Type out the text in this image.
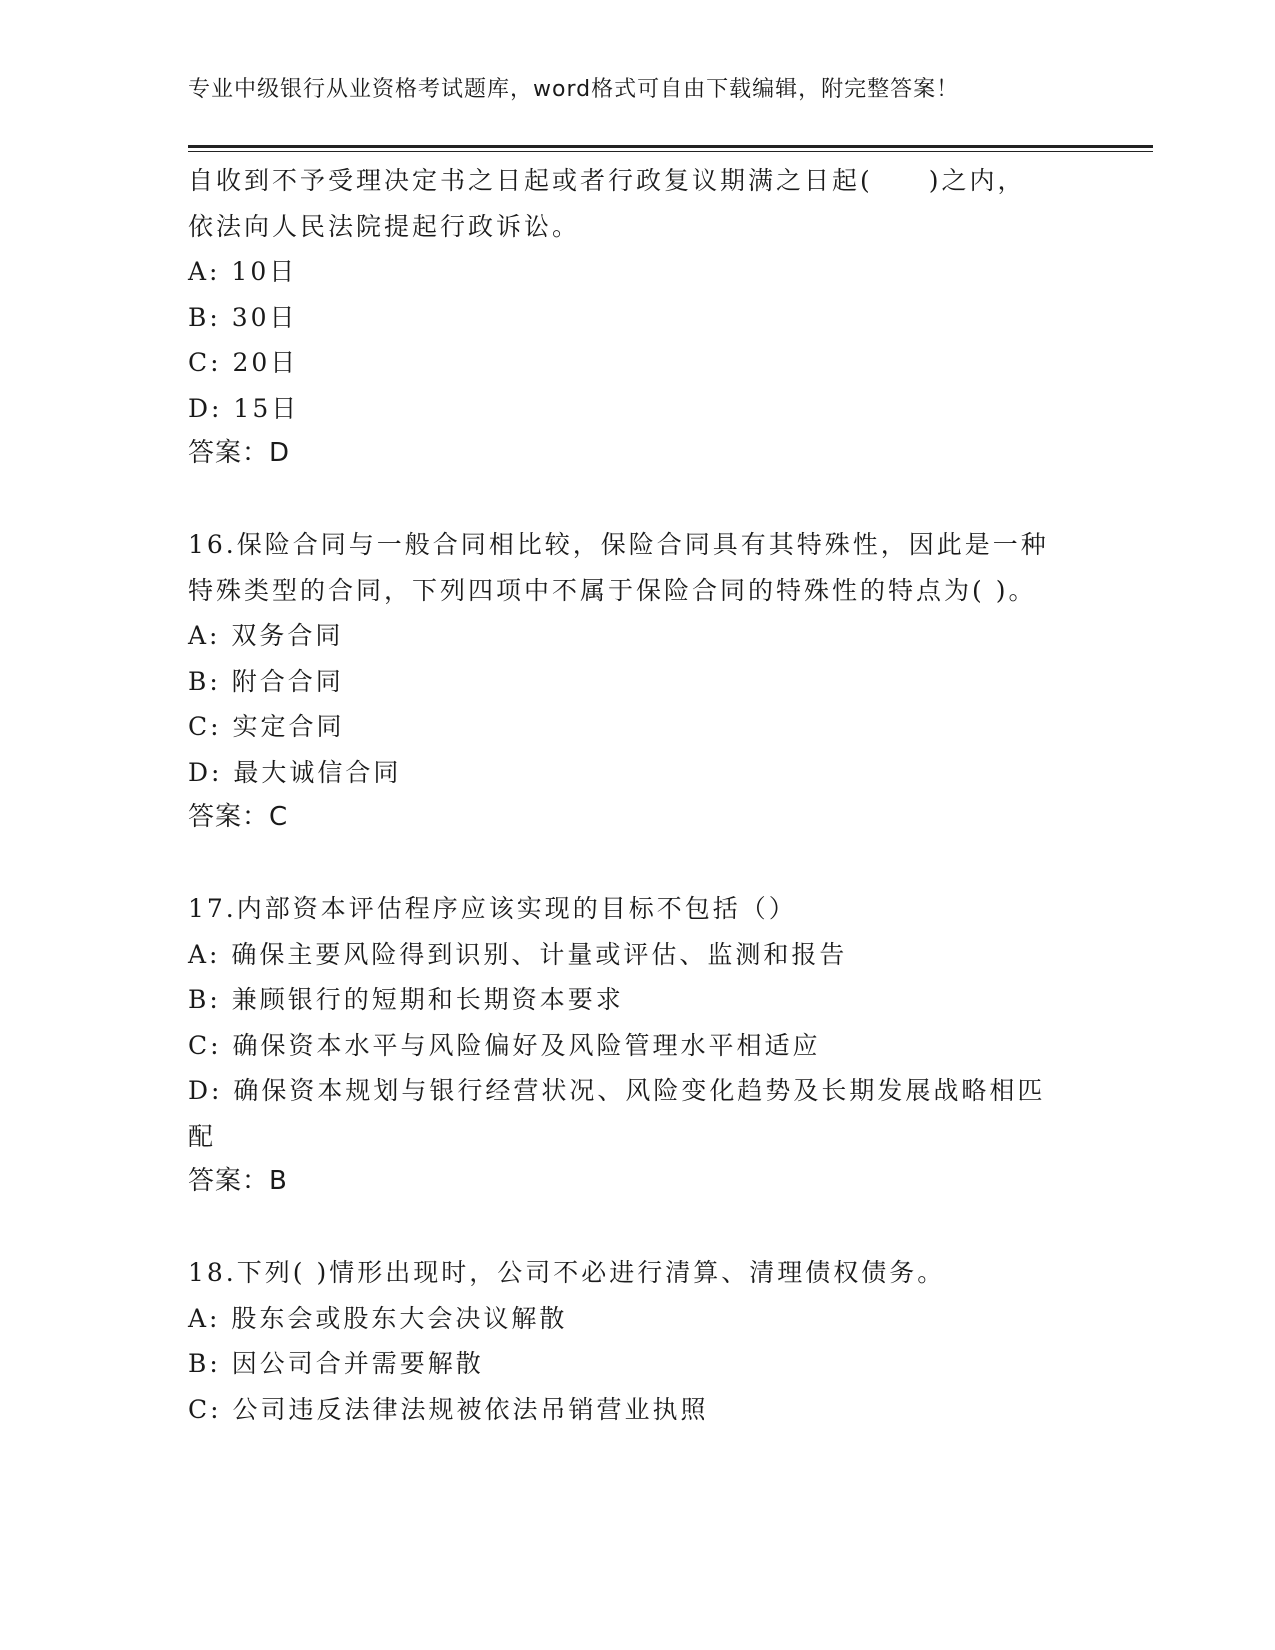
专业中级银行从业资格考试题库，word格式可自由下载编辑，附完整答案！
自收到不予受理决定书之日起或者行政复议期满之日起(　　)之内，
依法向人民法院提起行政诉讼。
A: 10日
B: 30日
C: 20日
D: 15日
答案：D
16.保险合同与一般合同相比较，保险合同具有其特殊性，因此是一种
特殊类型的合同，下列四项中不属于保险合同的特殊性的特点为( )。
A: 双务合同
B: 附合合同
C: 实定合同
D: 最大诚信合同
答案：C
17.内部资本评估程序应该实现的目标不包括（）
A: 确保主要风险得到识别、计量或评估、监测和报告
B: 兼顾银行的短期和长期资本要求
C: 确保资本水平与风险偏好及风险管理水平相适应
D: 确保资本规划与银行经营状况、风险变化趋势及长期发展战略相匹
配
答案：B
18.下列( )情形出现时，公司不必进行清算、清理债权债务。
A: 股东会或股东大会决议解散
B: 因公司合并需要解散
C: 公司违反法律法规被依法吊销营业执照
